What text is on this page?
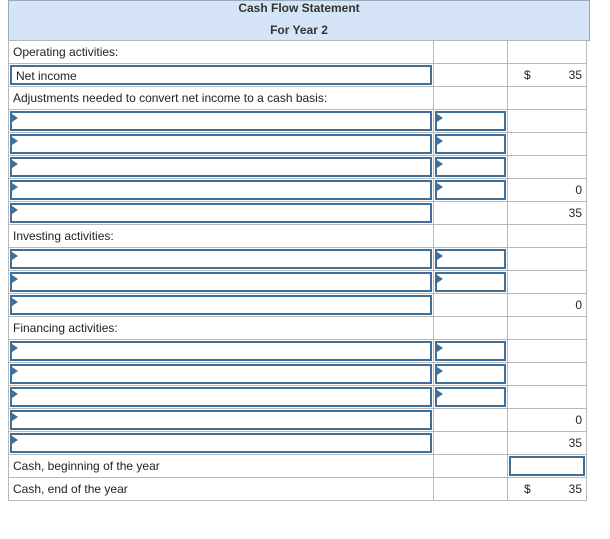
Cash Flow Statement
For Year 2
Operating activities:		

Net income		$ 35

Adjustments needed to convert net income to a cash basis:		

		0

		35

Investing activities:		

		0

Financing activities:		

		0

		35

Cash, beginning of the year		

Cash, end of the year		$ 35
